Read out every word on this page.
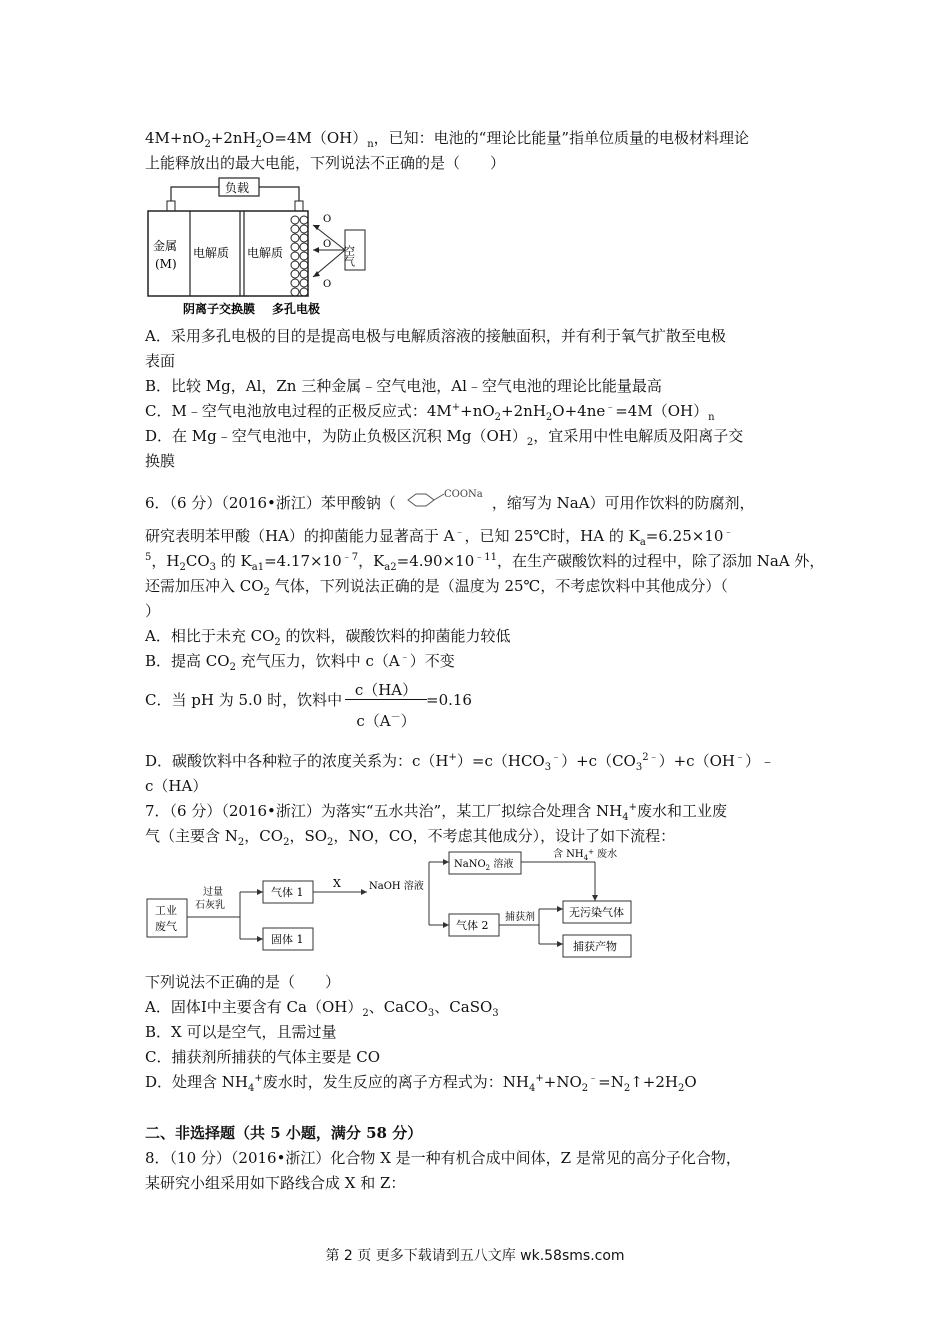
$4M+nO_2+2nH_2O=4M(OH)_n$，已知：电池的“理论比能量”指单位质量的电极材料理论
上能释放出的最大电能，下列说法不正确的是（　　）
负载
金属
(M)
电解质 电解质	空气
O
O
O
阴离子交换膜 多孔电极
A．采用多孔电极的目的是提高电极与电解质溶液的接触面积，并有利于氧气扩散至电极
表面
B．比较 Mg，Al，Zn 三种金属﹣空气电池，Al﹣空气电池的理论比能量最高
C．M﹣空气电池放电过程的正极反应式：$4M^++nO_2+2nH_2O+4ne^﹣=4M(OH)_n$
D．在 Mg﹣空气电池中，为防止负极区沉积 $Mg(OH)_2$，宜采用中性电解质及阳离子交
换膜
6．（6 分）（2016•浙江）苯甲酸钠（	COONa ，缩写为 NaA）可用作饮料的防腐剂，
研究表明苯甲酸（HA）的抑菌能力显著高于 A﹣，已知 25℃时，HA 的 $K_a=6.25\times 10^﹣$
$^5$，$H_2CO_3$ 的 $K_{a1}=4.17\times 10^{﹣7}$，$K_{a2}=4.90\times 10^{﹣11}$，在生产碳酸饮料的过程中，除了添加 NaA 外，
还需加压冲入 $CO_2$ 气体，下列说法正确的是（温度为 25℃，不考虑饮料中其他成分）（
）
A．相比于未充 $CO_2$ 的饮料，碳酸饮料的抑菌能力较低
B．提高 $CO_2$ 充气压力，饮料中 c（A﹣）不变
C．当 pH 为 5.0 时，饮料中
c（HA）
c（A－）
=0.16
D．碳酸饮料中各种粒子的浓度关系为：$c(H^+)=c(HCO_3^﹣)+c(CO_3^{2﹣})+c(OH^﹣)﹣$
c（HA）
7．（6 分）（2016•浙江）为落实“五水共治”，某工厂拟综合处理含 $NH_4^+$废水和工业废
气（主要含 $N_2$，$CO_2$，$SO_2$，NO，CO，不考虑其他成分），设计了如下流程：
工业
废气
过量
石灰乳
气体 1
固体 1
X	NaOH 溶液
NaNO$_2$ 溶液
含 $NH_4^+$ 废水
气体 2
捕获剂	无污染气体
捕获产物
下列说法不正确的是（　　）
A．固体Ⅰ中主要含有 $Ca(OH)_2$、CaCO$_3$、CaSO$_3$
B．X 可以是空气，且需过量
C．捕获剂所捕获的气体主要是 CO
D．处理含 $NH_4^+$废水时，发生反应的离子方程式为：$NH_4^++NO_2^﹣=N_2↑+2H_2O$
二、非选择题（共 5 小题，满分 58 分）
8．（10 分）（2016•浙江）化合物 X 是一种有机合成中间体，Z 是常见的高分子化合物，
某研究小组采用如下路线合成 X 和 Z：
第 2 页 更多下载请到五八文库 wk.58sms.com
